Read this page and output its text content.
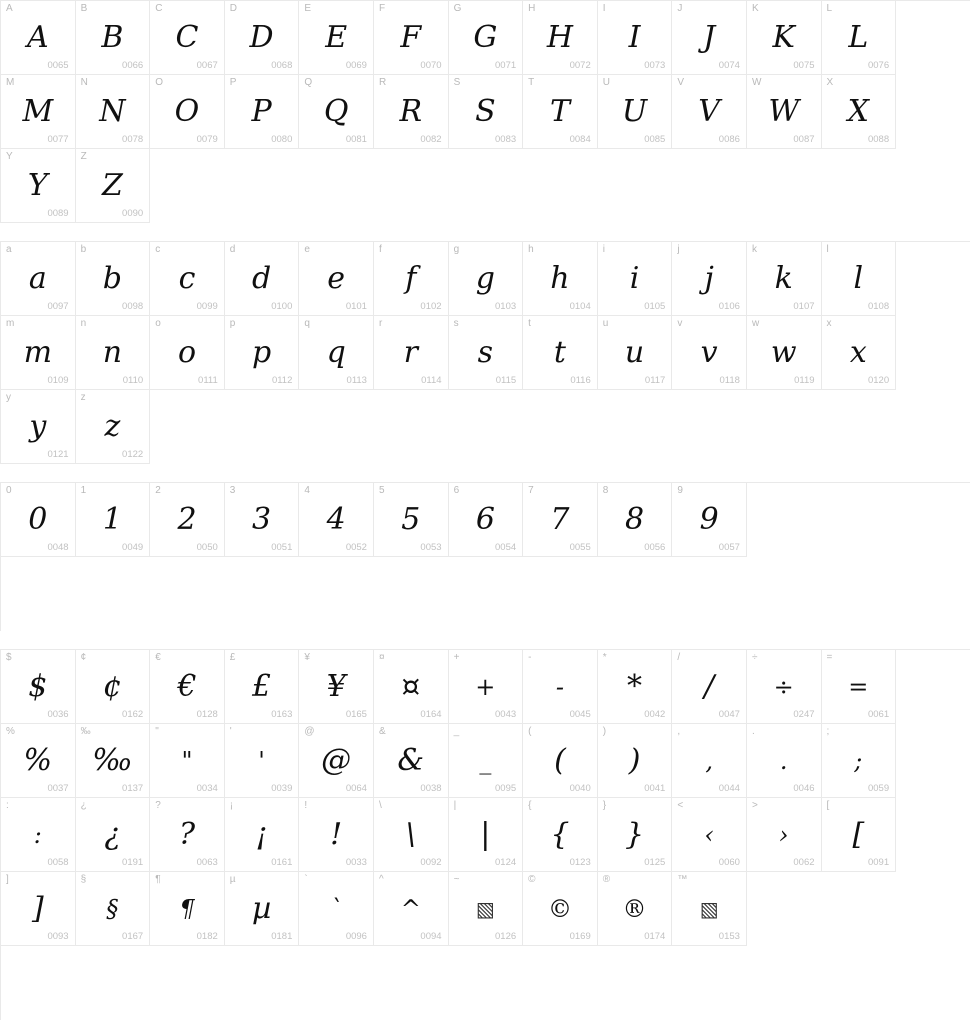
A
A
0065
B
B
0066
C
C
0067
D
D
0068
E
E
0069
F
F
0070
G
G
0071
H
H
0072
I
I
0073
J
J
0074
K
K
0075
L
L
0076
M
M
0077
N
N
0078
O
O
0079
P
P
0080
Q
Q
0081
R
R
0082
S
S
0083
T
T
0084
U
U
0085
V
V
0086
W
W
0087
X
X
0088
Y
Y
0089
Z
Z
0090
a
a
0097
b
b
0098
c
c
0099
d
d
0100
e
e
0101
f
f
0102
g
g
0103
h
h
0104
i
i
0105
j
j
0106
k
k
0107
l
l
0108
m
m
0109
n
n
0110
o
o
0111
p
p
0112
q
q
0113
r
r
0114
s
s
0115
t
t
0116
u
u
0117
v
v
0118
w
w
0119
x
x
0120
y
y
0121
z
z
0122
0
0
0048
1
1
0049
2
2
0050
3
3
0051
4
4
0052
5
5
0053
6
6
0054
7
7
0055
8
8
0056
9
9
0057
$
$
0036
¢
¢
0162
€
€
0128
£
£
0163
¥
¥
0165
¤
¤
0164
+
+
0043
-
-
0045
*
*
0042
/
/
0047
÷
÷
0247
=
=
0061
%
%
0037
‰
‰
0137
"
"
0034
'
'
0039
@
@
0064
&
&
0038
_
_
0095
(
(
0040
)
)
0041
,
,
0044
.
.
0046
;
;
0059
:
:
0058
¿
¿
0191
?
?
0063
¡
¡
0161
!
!
0033
\
\
0092
|
|
0124
{
{
0123
}
}
0125
<
‹
0060
>
›
0062
[
[
0091
]
]
0093
§
§
0167
¶
¶
0182
µ
µ
0181
`
`
0096
^
^
0094
~
▧
0126
©
©
0169
®
®
0174
™
▧
0153
